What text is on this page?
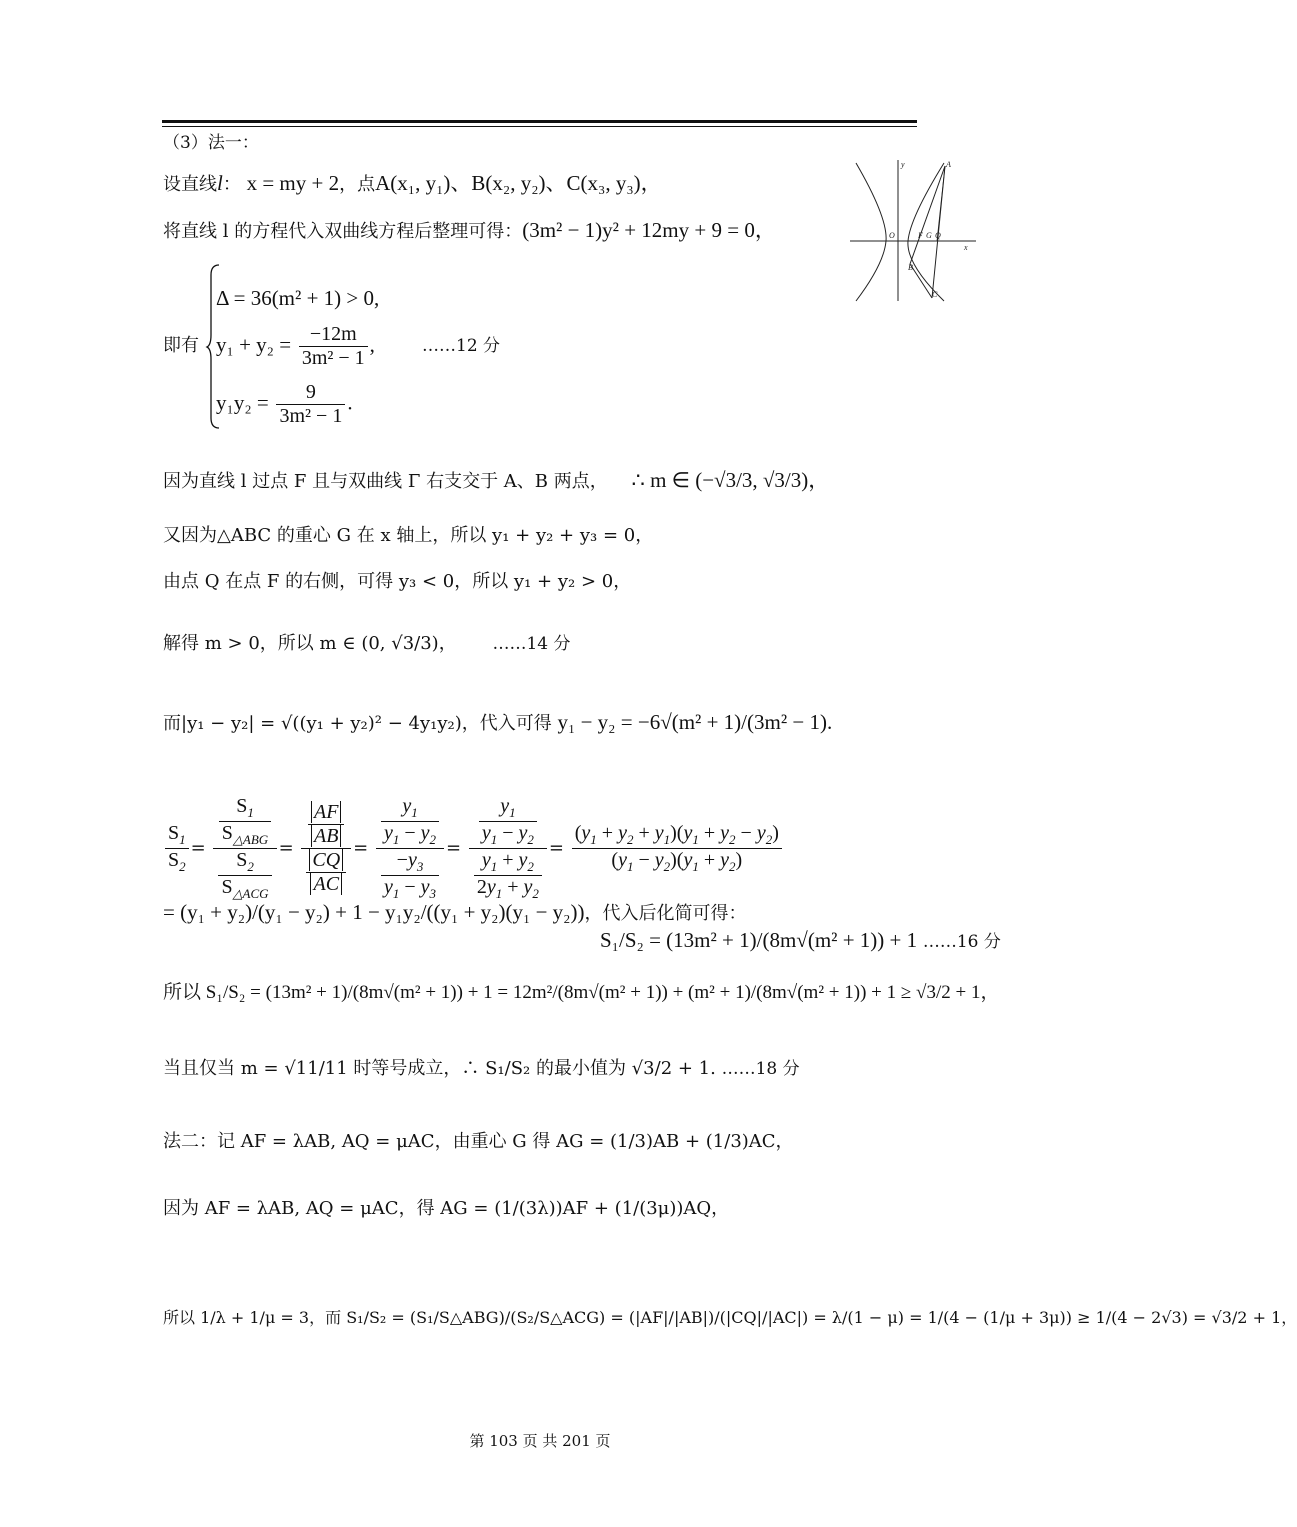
（3）法一：
设直线l： x = my + 2，点A(x₁, y₁)、B(x₂, y₂)、C(x₃, y₃)，
将直线 l 的方程代入双曲线方程后整理可得：(3m² − 1)y² + 12my + 9 = 0，
即有
Δ = 36(m² + 1) > 0,
$y_1 + y_2 = \frac{-12m}{\text{3m² − 1}}$ ,	……12 分
$y_1y_2 = \frac{9}{\text{3m² − 1}}$ .
因为直线 l 过点 F 且与双曲线 Γ 右支交于 A、B 两点， ∴ m ∈ (−√3/3, √3/3)，
又因为△ABC 的重心 G 在 x 轴上，所以 y₁ + y₂ + y₃ = 0，
由点 Q 在点 F 的右侧，可得 y₃ < 0，所以 y₁ + y₂ > 0，
解得 m > 0，所以 m ∈ (0, √3/3)， ……14 分
而|y₁ − y₂| = √((y₁ + y₂)² − 4y₁y₂)，代入可得 y₁ − y₂ = −6√(m² + 1)/(3m² − 1).
$\frac{S_1}{S_2}$ =
$S_1$
$S_{\triangle ABG}$
$S_2$
$S_{\triangle ACG}$
= $\frac{AF}{AB}$
$\frac{CQ}{AC}$
= $\frac{\frac{y_1}{y_1 - y_2}}{\frac{-y_3}{y_1 - y_3}} = \frac{\frac{y_1}{y_1 - y_2}}{\frac{y_1 + y_2}{2y_1 + y_2}} = \frac{(y_1 + y_2 + y_1)(y_1 + y_2 - y_2)}{(y_1 - y_2)(y_1 + y_2)}$
= (y₁ + y₂)/(y₁ − y₂) + 1 − y₁y₂/((y₁ + y₂)(y₁ − y₂))，代入后化简可得：
S₁/S₂ = (13m² + 1)/(8m√(m² + 1)) + 1 ……16 分
所以 S₁/S₂ = (13m² + 1)/(8m√(m² + 1)) + 1 = 12m²/(8m√(m² + 1)) + (m² + 1)/(8m√(m² + 1)) + 1 ≥ √3/2 + 1，
当且仅当 m = √11/11 时等号成立，∴ S₁/S₂ 的最小值为 √3/2 + 1. ……18 分
法二：记 AF = λAB, AQ = μAC，由重心 G 得 AG = (1/3)AB + (1/3)AC，
因为 AF = λAB, AQ = μAC，得 AG = (1/(3λ))AF + (1/(3μ))AQ，
所以 1/λ + 1/μ = 3，而 S₁/S₂ = (S₁/S△ABG)/(S₂/S△ACG) = (|AF|/|AB|)/(|CQ|/|AC|) = λ/(1 − μ) = 1/(4 − (1/μ + 3μ)) ≥ 1/(4 − 2√3) = √3/2 + 1，
y	A
O	F G Q
x
B
C
第 103 页 共 201 页
